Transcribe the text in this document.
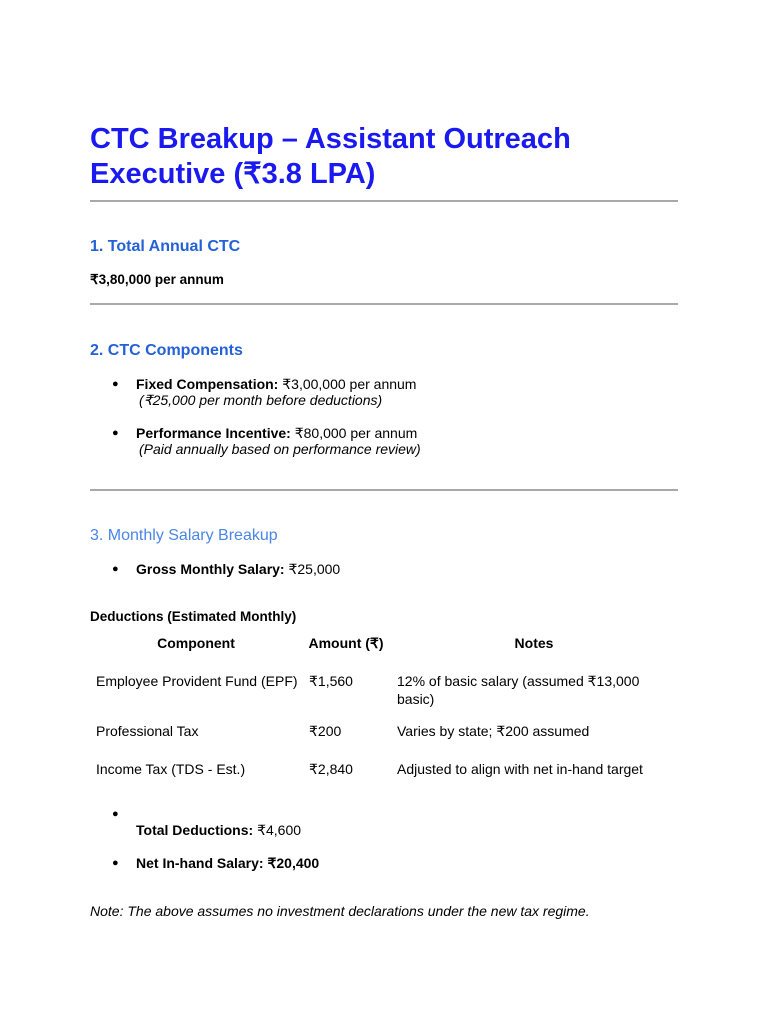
CTC Breakup – Assistant Outreach Executive (₹3.8 LPA)
1. Total Annual CTC
₹3,80,000 per annum
2. CTC Components
● Fixed Compensation: ₹3,00,000 per annum
(₹25,000 per month before deductions)
● Performance Incentive: ₹80,000 per annum
(Paid annually based on performance review)
3. Monthly Salary Breakup
● Gross Monthly Salary: ₹25,000
Deductions (Estimated Monthly)
Component	Amount (₹)	Notes
Employee Provident Fund (EPF) ₹1,560	12% of basic salary (assumed ₹13,000 basic)
Professional Tax	₹200	Varies by state; ₹200 assumed
Income Tax (TDS - Est.)	₹2,840	Adjusted to align with net in-hand target
●
Total Deductions: ₹4,600
● Net In-hand Salary: ₹20,400
Note: The above assumes no investment declarations under the new tax regime.
